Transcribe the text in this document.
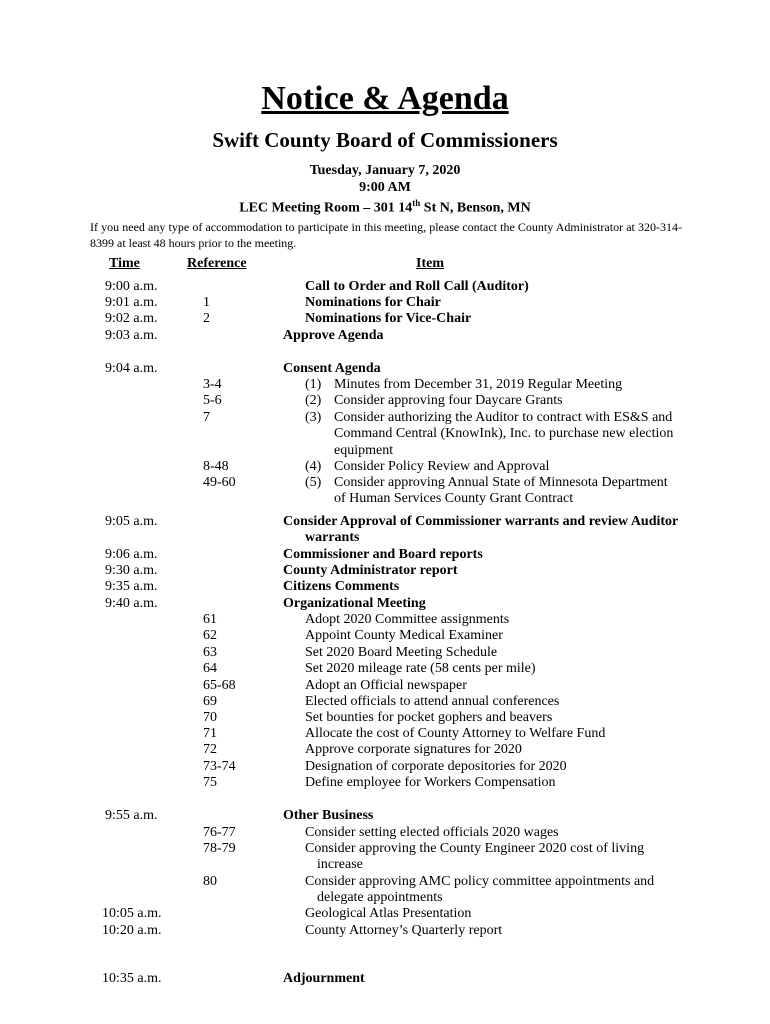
Notice & Agenda
Swift County Board of Commissioners
Tuesday, January 7, 2020
9:00 AM
LEC Meeting Room – 301 14th St N, Benson, MN
If you need any type of accommodation to participate in this meeting, please contact the County Administrator at 320-314-8399 at least 48 hours prior to the meeting.
Time	Reference	Item
9:00 a.m.	Call to Order and Roll Call (Auditor)
9:01 a.m.	1	Nominations for Chair
9:02 a.m.	2	Nominations for Vice-Chair
9:03 a.m.	Approve Agenda
9:04 a.m.	Consent Agenda
3-4	(1) Minutes from December 31, 2019 Regular Meeting
5-6	(2) Consider approving four Daycare Grants
7	(3) Consider authorizing the Auditor to contract with ES&S and
Command Central (KnowInk), Inc. to purchase new election
equipment
8-48	(4) Consider Policy Review and Approval
49-60	(5) Consider approving Annual State of Minnesota Department
of Human Services County Grant Contract
9:05 a.m.	Consider Approval of Commissioner warrants and review Auditor
warrants
9:06 a.m.	Commissioner and Board reports
9:30 a.m.	County Administrator report
9:35 a.m.	Citizens Comments
9:40 a.m.	Organizational Meeting
61	Adopt 2020 Committee assignments
62	Appoint County Medical Examiner
63	Set 2020 Board Meeting Schedule
64	Set 2020 mileage rate (58 cents per mile)
65-68	Adopt an Official newspaper
69	Elected officials to attend annual conferences
70	Set bounties for pocket gophers and beavers
71	Allocate the cost of County Attorney to Welfare Fund
72	Approve corporate signatures for 2020
73-74	Designation of corporate depositories for 2020
75	Define employee for Workers Compensation
9:55 a.m.	Other Business
76-77	Consider setting elected officials 2020 wages
78-79	Consider approving the County Engineer 2020 cost of living
increase
80	Consider approving AMC policy committee appointments and
delegate appointments
10:05 a.m.	Geological Atlas Presentation
10:20 a.m.	County Attorney’s Quarterly report
10:35 a.m.	Adjournment
